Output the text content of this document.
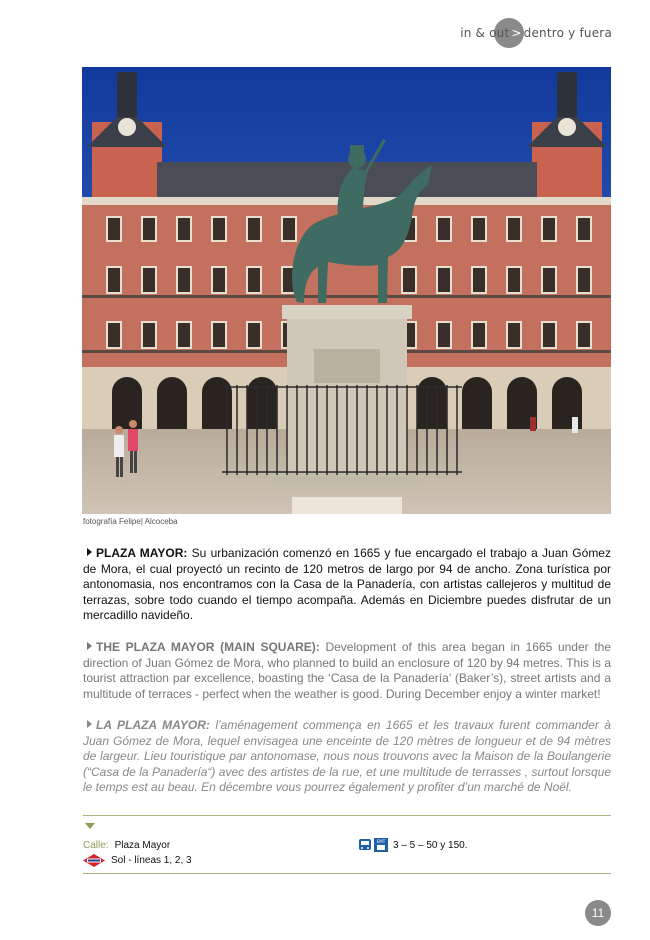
in & out > dentro y fuera
fotografía Felipe| Alcoceba
PLAZA MAYOR: Su urbanización comenzó en 1665 y fue encargado el trabajo a Juan Gómez de Mora, el cual proyectó un recinto de 120 metros de largo por 94 de ancho. Zona turística por antonomasia, nos encontramos con la Casa de la Panadería, con artistas callejeros y multitud de terrazas, sobre todo cuando el tiempo acompaña. Además en Diciembre puedes disfrutar de un mercadillo navideño.
THE PLAZA MAYOR (MAIN SQUARE): Development of this area began in 1665 under the direction of Juan Gómez de Mora, who planned to build an enclosure of 120 by 94 metres. This is a tourist attraction par excellence, boasting the ‘Casa de la Panadería’ (Baker’s), street artists and a multitude of terraces - perfect when the weather is good. During December enjoy a winter market!
LA PLAZA MAYOR: l’aménagement commença en 1665 et les travaux furent commander à Juan Gómez de Mora, lequel envisagea une enceinte de 120 mètres de longueur et de 94 mètres de largeur. Lieu touristique par antonomase, nous nous trouvons avec la Maison de la Boulangerie (“Casa de la Panadería“) avec des artistes de la rue, et une multitude de terrasses , surtout lorsque le temps est au beau. En décembre vous pourrez également y profiter d’un marché de Noël.
Calle: Plaza Mayor
Sol - líneas 1, 2, 3
EMT 3 – 5 – 50 y 150.
11
